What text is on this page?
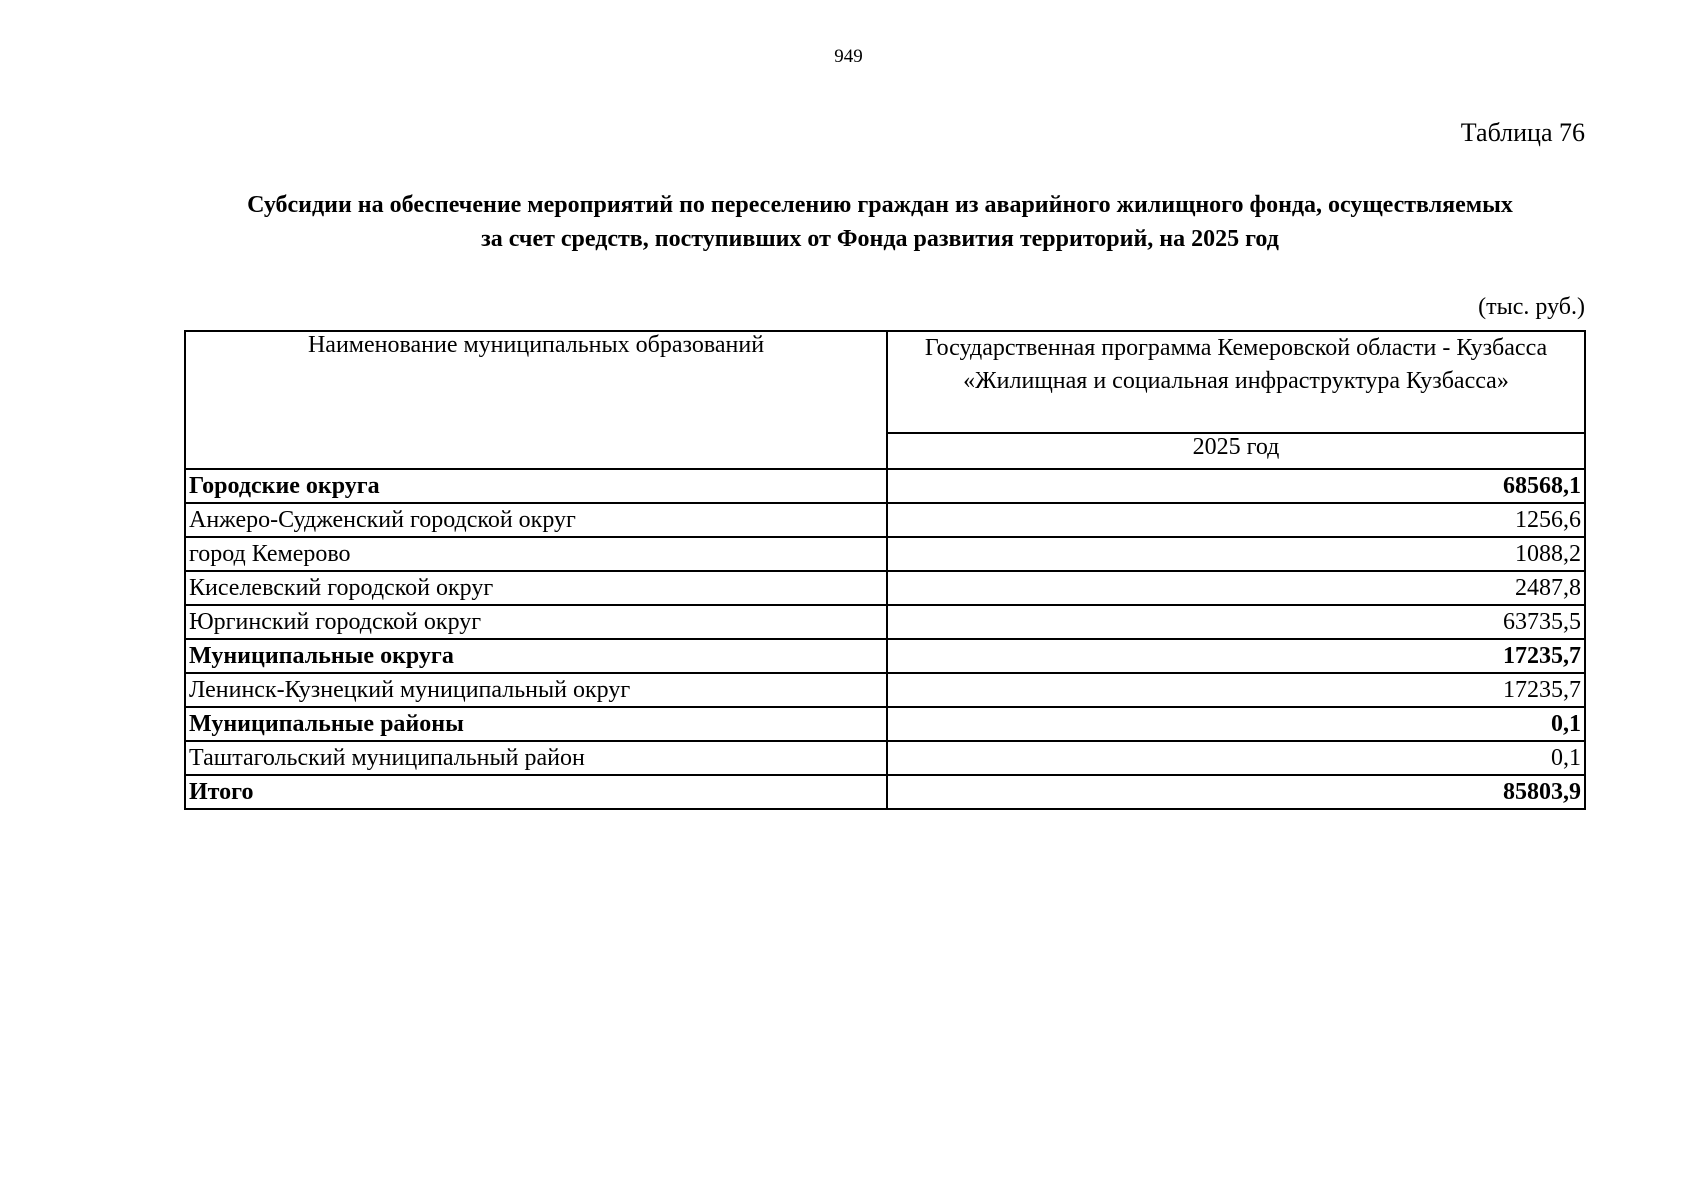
949
Таблица 76
Субсидии на обеспечение мероприятий по переселению граждан из аварийного жилищного фонда, осуществляемых
за счет средств, поступивших от Фонда развития территорий, на 2025 год
(тыс. руб.)
Наименование муниципальных образований	Государственная программа Кемеровской области - Кузбасса
«Жилищная и социальная инфраструктура Кузбасса»

	2025 год
Городские округа	68568,1
Анжеро-Судженский городской округ	1256,6
город Кемерово	1088,2
Киселевский городской округ	2487,8
Юргинский городской округ	63735,5
Муниципальные округа	17235,7
Ленинск-Кузнецкий муниципальный округ	17235,7
Муниципальные районы	0,1
Таштагольский муниципальный район	0,1
Итого	85803,9
